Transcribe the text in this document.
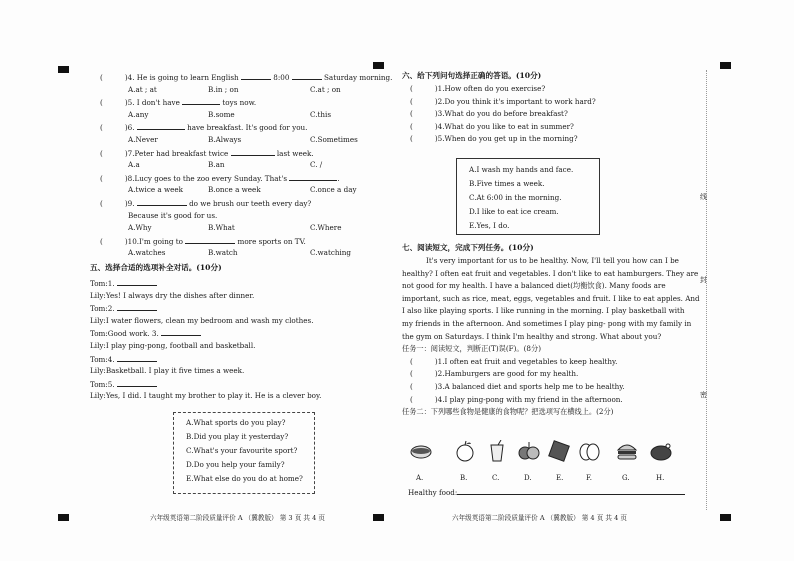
(	)4. He is going to learn English	8:00	Saturday morning.
A.at ; at	B.in ; on	C.at ; on
(	)5. I don't have	toys now.
A.any	B.some	C.this
(	)6.	have breakfast. It's good for you.
A.Never	B.Always	C.Sometimes
(	)7.Peter had breakfast twice	last week.
A.a	B.an	C. /
(	)8.Lucy goes to the zoo every Sunday. That's	.
A.twice a week	B.once a week	C.once a day
(	)9.	do we brush our teeth every day?
Because it's good for us.
A.Why	B.What	C.Where
(	)10.I'm going to	more sports on TV.
A.watches	B.watch	C.watching
五、选择合适的选项补全对话。(10分)
Tom:1.
Lily:Yes! I always dry the dishes after dinner.
Tom:2.
Lily:I water flowers, clean my bedroom and wash my clothes.
Tom:Good work. 3.
Lily:I play ping-pong, football and basketball.
Tom:4.
Lily:Basketball. I play it five times a week.
Tom:5.
Lily:Yes, I did. I taught my brother to play it. He is a clever boy.
A.What sports do you play?
B.Did you play it yesterday?
C.What's your favourite sport?
D.Do you help your family?
E.What else do you do at home?
六年级英语第二阶段质量评价 A （冀教版） 第 3 页 共 4 页
六、给下列问句选择正确的答语。(10分)
(	)1.How often do you exercise?
(	)2.Do you think it's important to work hard?
(	)3.What do you do before breakfast?
(	)4.What do you like to eat in summer?
(	)5.When do you get up in the morning?
A.I wash my hands and face.
B.Five times a week.
C.At 6:00 in the morning.
D.I like to eat ice cream.
E.Yes, I do.
七、阅读短文，完成下列任务。(10分)
It's very important for us to be healthy. Now, I'll tell you how can I be
healthy? I often eat fruit and vegetables. I don't like to eat hamburgers. They are
not good for my health. I have a balanced diet(均衡饮食). Many foods are
important, such as rice, meat, eggs, vegetables and fruit. I like to eat apples. And
I also like playing sports. I like running in the morning. I play basketball with
my friends in the afternoon. And sometimes I play ping- pong with my family in
the gym on Saturdays. I think I'm healthy and strong. What about you?
任务一：阅读短文，判断正(T)误(F)。(8分)
(	)1.I often eat fruit and vegetables to keep healthy.
(	)2.Hamburgers are good for my health.
(	)3.A balanced diet and sports help me to be healthy.
(	)4.I play ping-pong with my friend in the afternoon.
任务二：下列哪些食物是健康的食物呢？把选项写在横线上。(2分)
A.	B.	C.	D.	E.	F.	G.	H.
Healthy food:
六年级英语第二阶段质量评价 A （冀教版） 第 4 页 共 4 页
线
封
密
